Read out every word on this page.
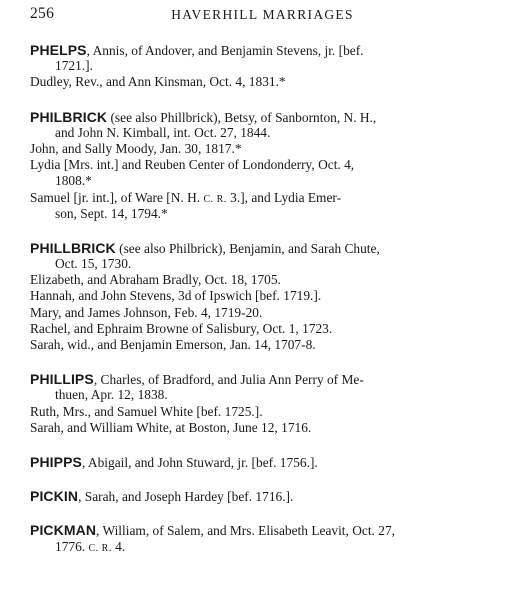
256	HAVERHILL MARRIAGES
PHELPS, Annis, of Andover, and Benjamin Stevens, jr. [bef.
1721.].
Dudley, Rev., and Ann Kinsman, Oct. 4, 1831.*
PHILBRICK (see also Phillbrick), Betsy, of Sanbornton, N. H.,
and John N. Kimball, int. Oct. 27, 1844.
John, and Sally Moody, Jan. 30, 1817.*
Lydia [Mrs. int.] and Reuben Center of Londonderry, Oct. 4,
1808.*
Samuel [jr. int.], of Ware [N. H. C. R. 3.], and Lydia Emer-
son, Sept. 14, 1794.*
PHILLBRICK (see also Philbrick), Benjamin, and Sarah Chute,
Oct. 15, 1730.
Elizabeth, and Abraham Bradly, Oct. 18, 1705.
Hannah, and John Stevens, 3d of Ipswich [bef. 1719.].
Mary, and James Johnson, Feb. 4, 1719-20.
Rachel, and Ephraim Browne of Salisbury, Oct. 1, 1723.
Sarah, wid., and Benjamin Emerson, Jan. 14, 1707-8.
PHILLIPS, Charles, of Bradford, and Julia Ann Perry of Me-
thuen, Apr. 12, 1838.
Ruth, Mrs., and Samuel White [bef. 1725.].
Sarah, and William White, at Boston, June 12, 1716.
PHIPPS, Abigail, and John Stuward, jr. [bef. 1756.].
PICKIN, Sarah, and Joseph Hardey [bef. 1716.].
PICKMAN, William, of Salem, and Mrs. Elisabeth Leavit, Oct. 27,
1776. C. R. 4.
